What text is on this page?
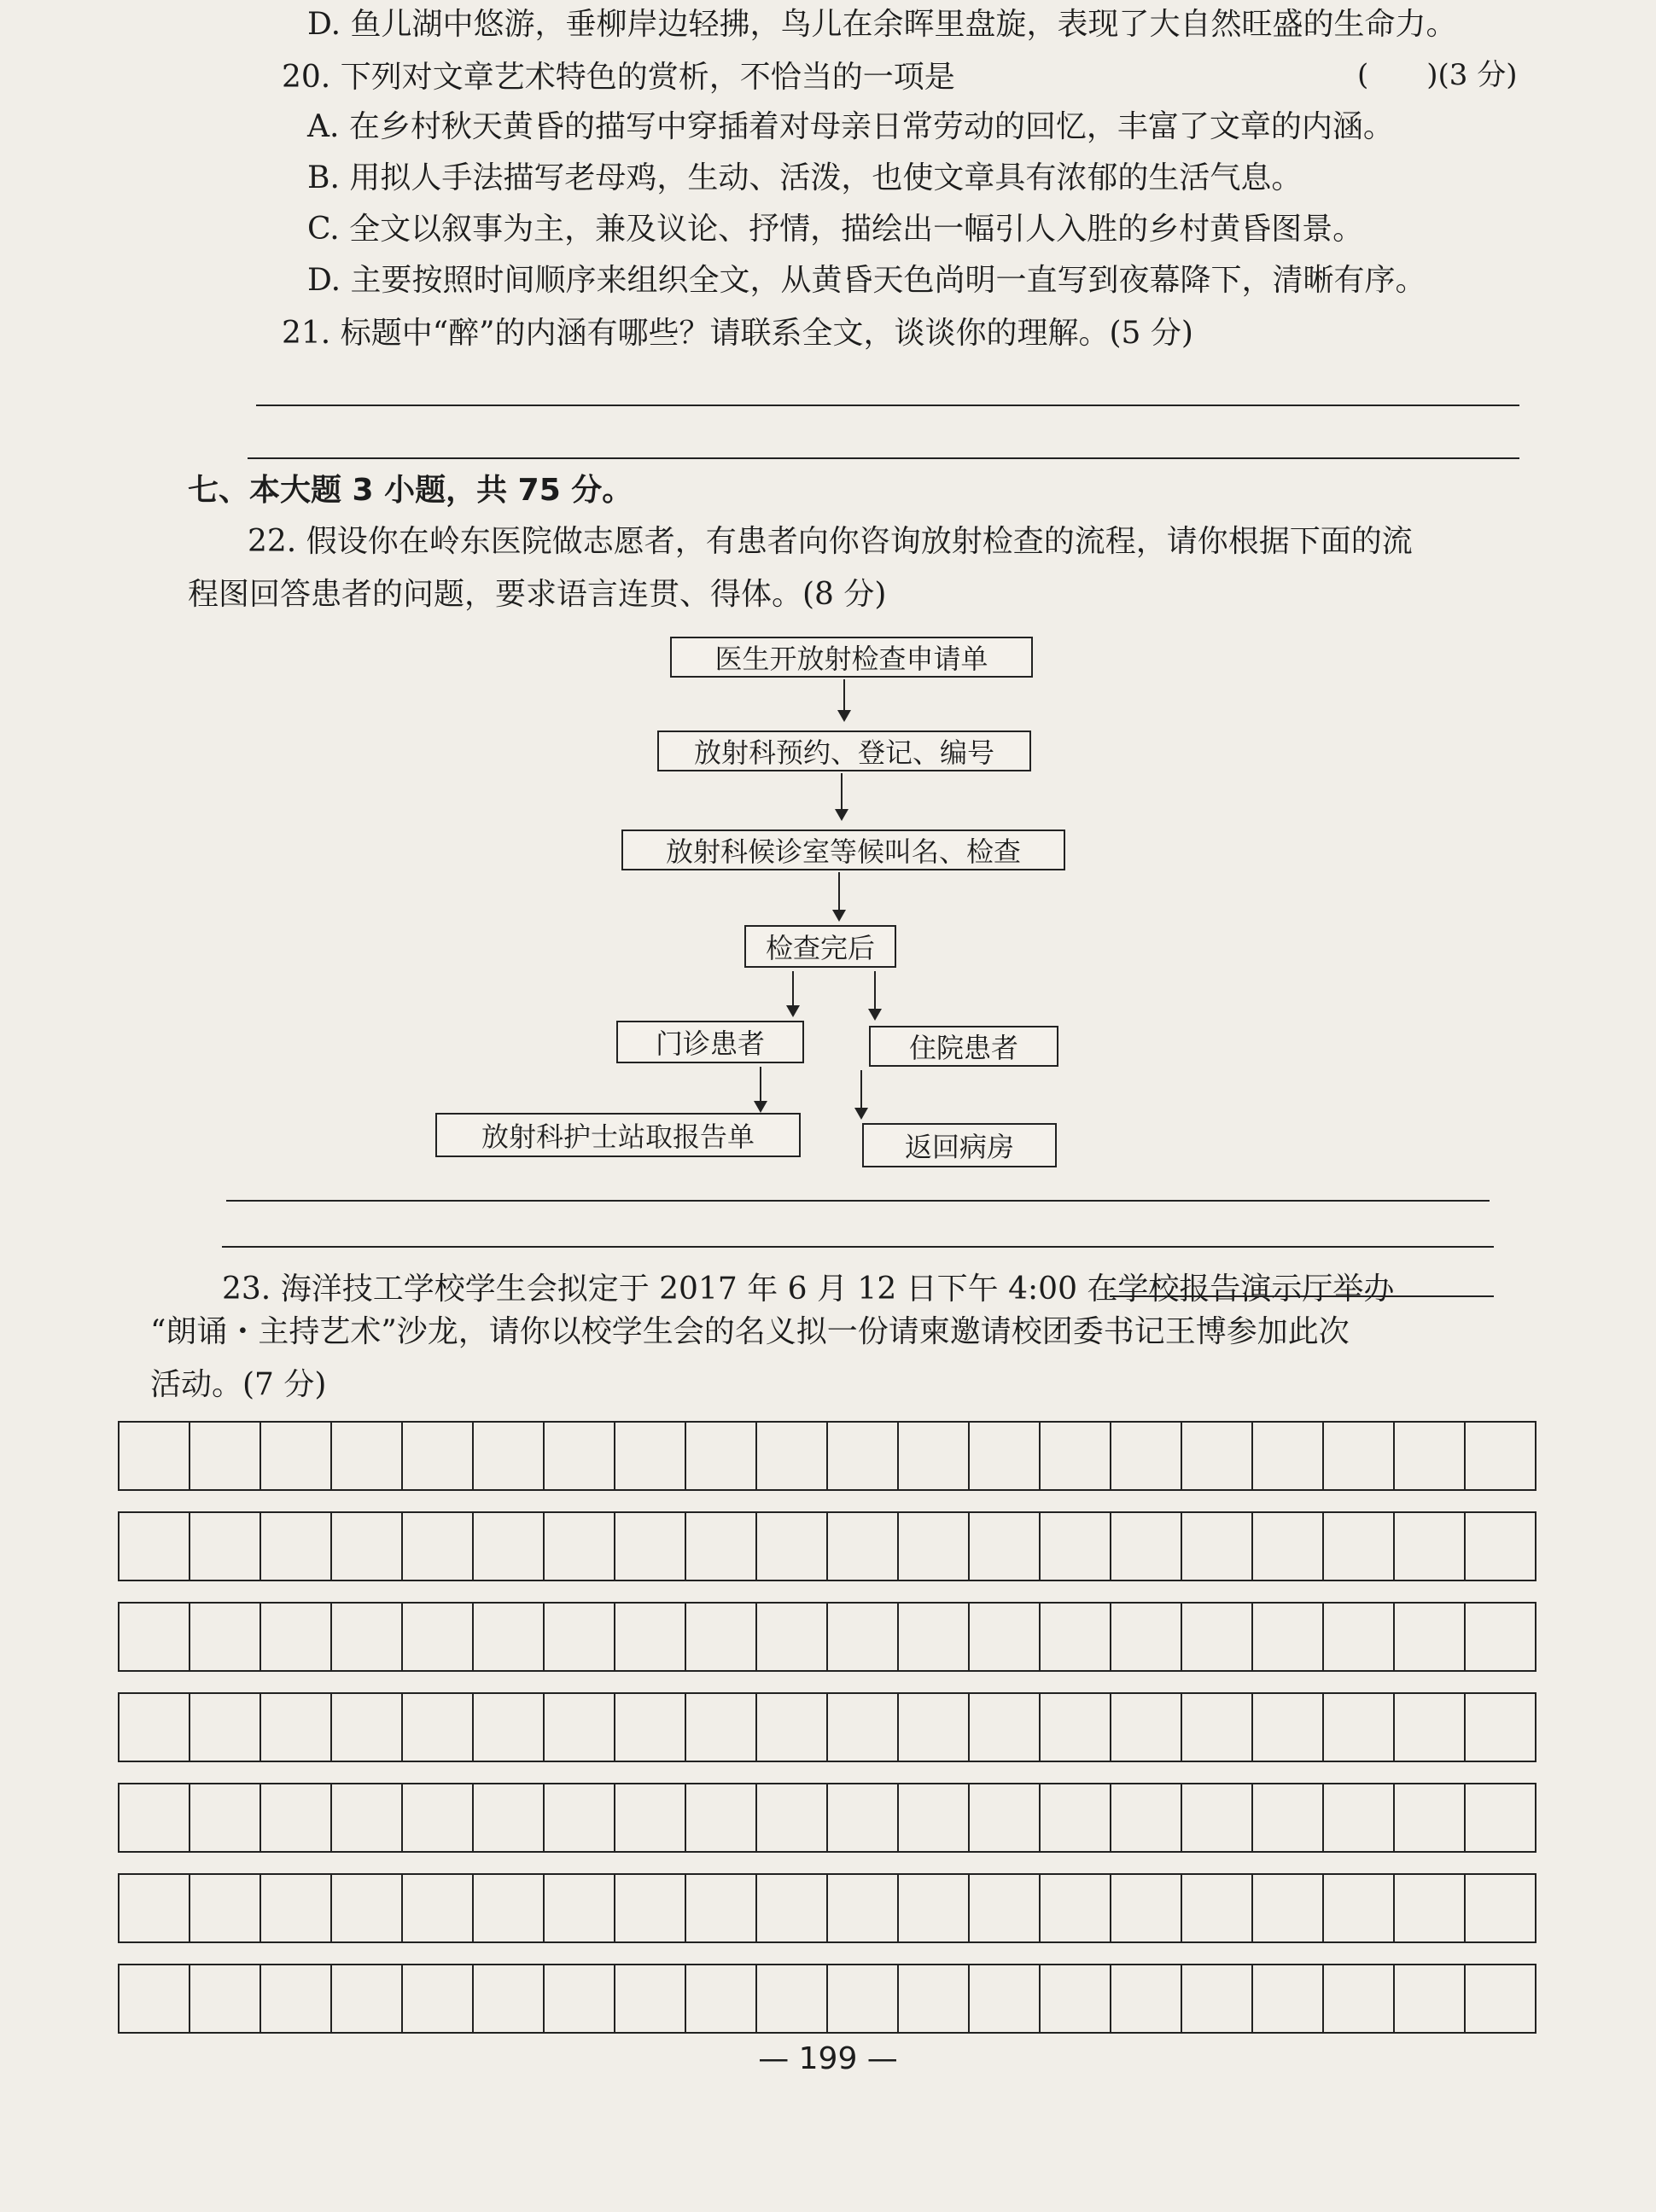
D. 鱼儿湖中悠游，垂柳岸边轻拂，鸟儿在余晖里盘旋，表现了大自然旺盛的生命力。
20. 下列对文章艺术特色的赏析，不恰当的一项是	(　　)(3 分)
A. 在乡村秋天黄昏的描写中穿插着对母亲日常劳动的回忆，丰富了文章的内涵。
B. 用拟人手法描写老母鸡，生动、活泼，也使文章具有浓郁的生活气息。
C. 全文以叙事为主，兼及议论、抒情，描绘出一幅引人入胜的乡村黄昏图景。
D. 主要按照时间顺序来组织全文，从黄昏天色尚明一直写到夜幕降下，清晰有序。
21. 标题中“醉”的内涵有哪些？请联系全文，谈谈你的理解。(5 分)
七、本大题 3 小题，共 75 分。
22. 假设你在岭东医院做志愿者，有患者向你咨询放射检查的流程，请你根据下面的流
程图回答患者的问题，要求语言连贯、得体。(8 分)
医生开放射检查申请单
放射科预约、登记、编号
放射科候诊室等候叫名、检查
检查完后
门诊患者	住院患者
放射科护士站取报告单	返回病房
23. 海洋技工学校学生会拟定于 2017 年 6 月 12 日下午 4:00 在学校报告演示厅举办
“朗诵・主持艺术”沙龙，请你以校学生会的名义拟一份请柬邀请校团委书记王博参加此次
活动。(7 分)
— 199 —
